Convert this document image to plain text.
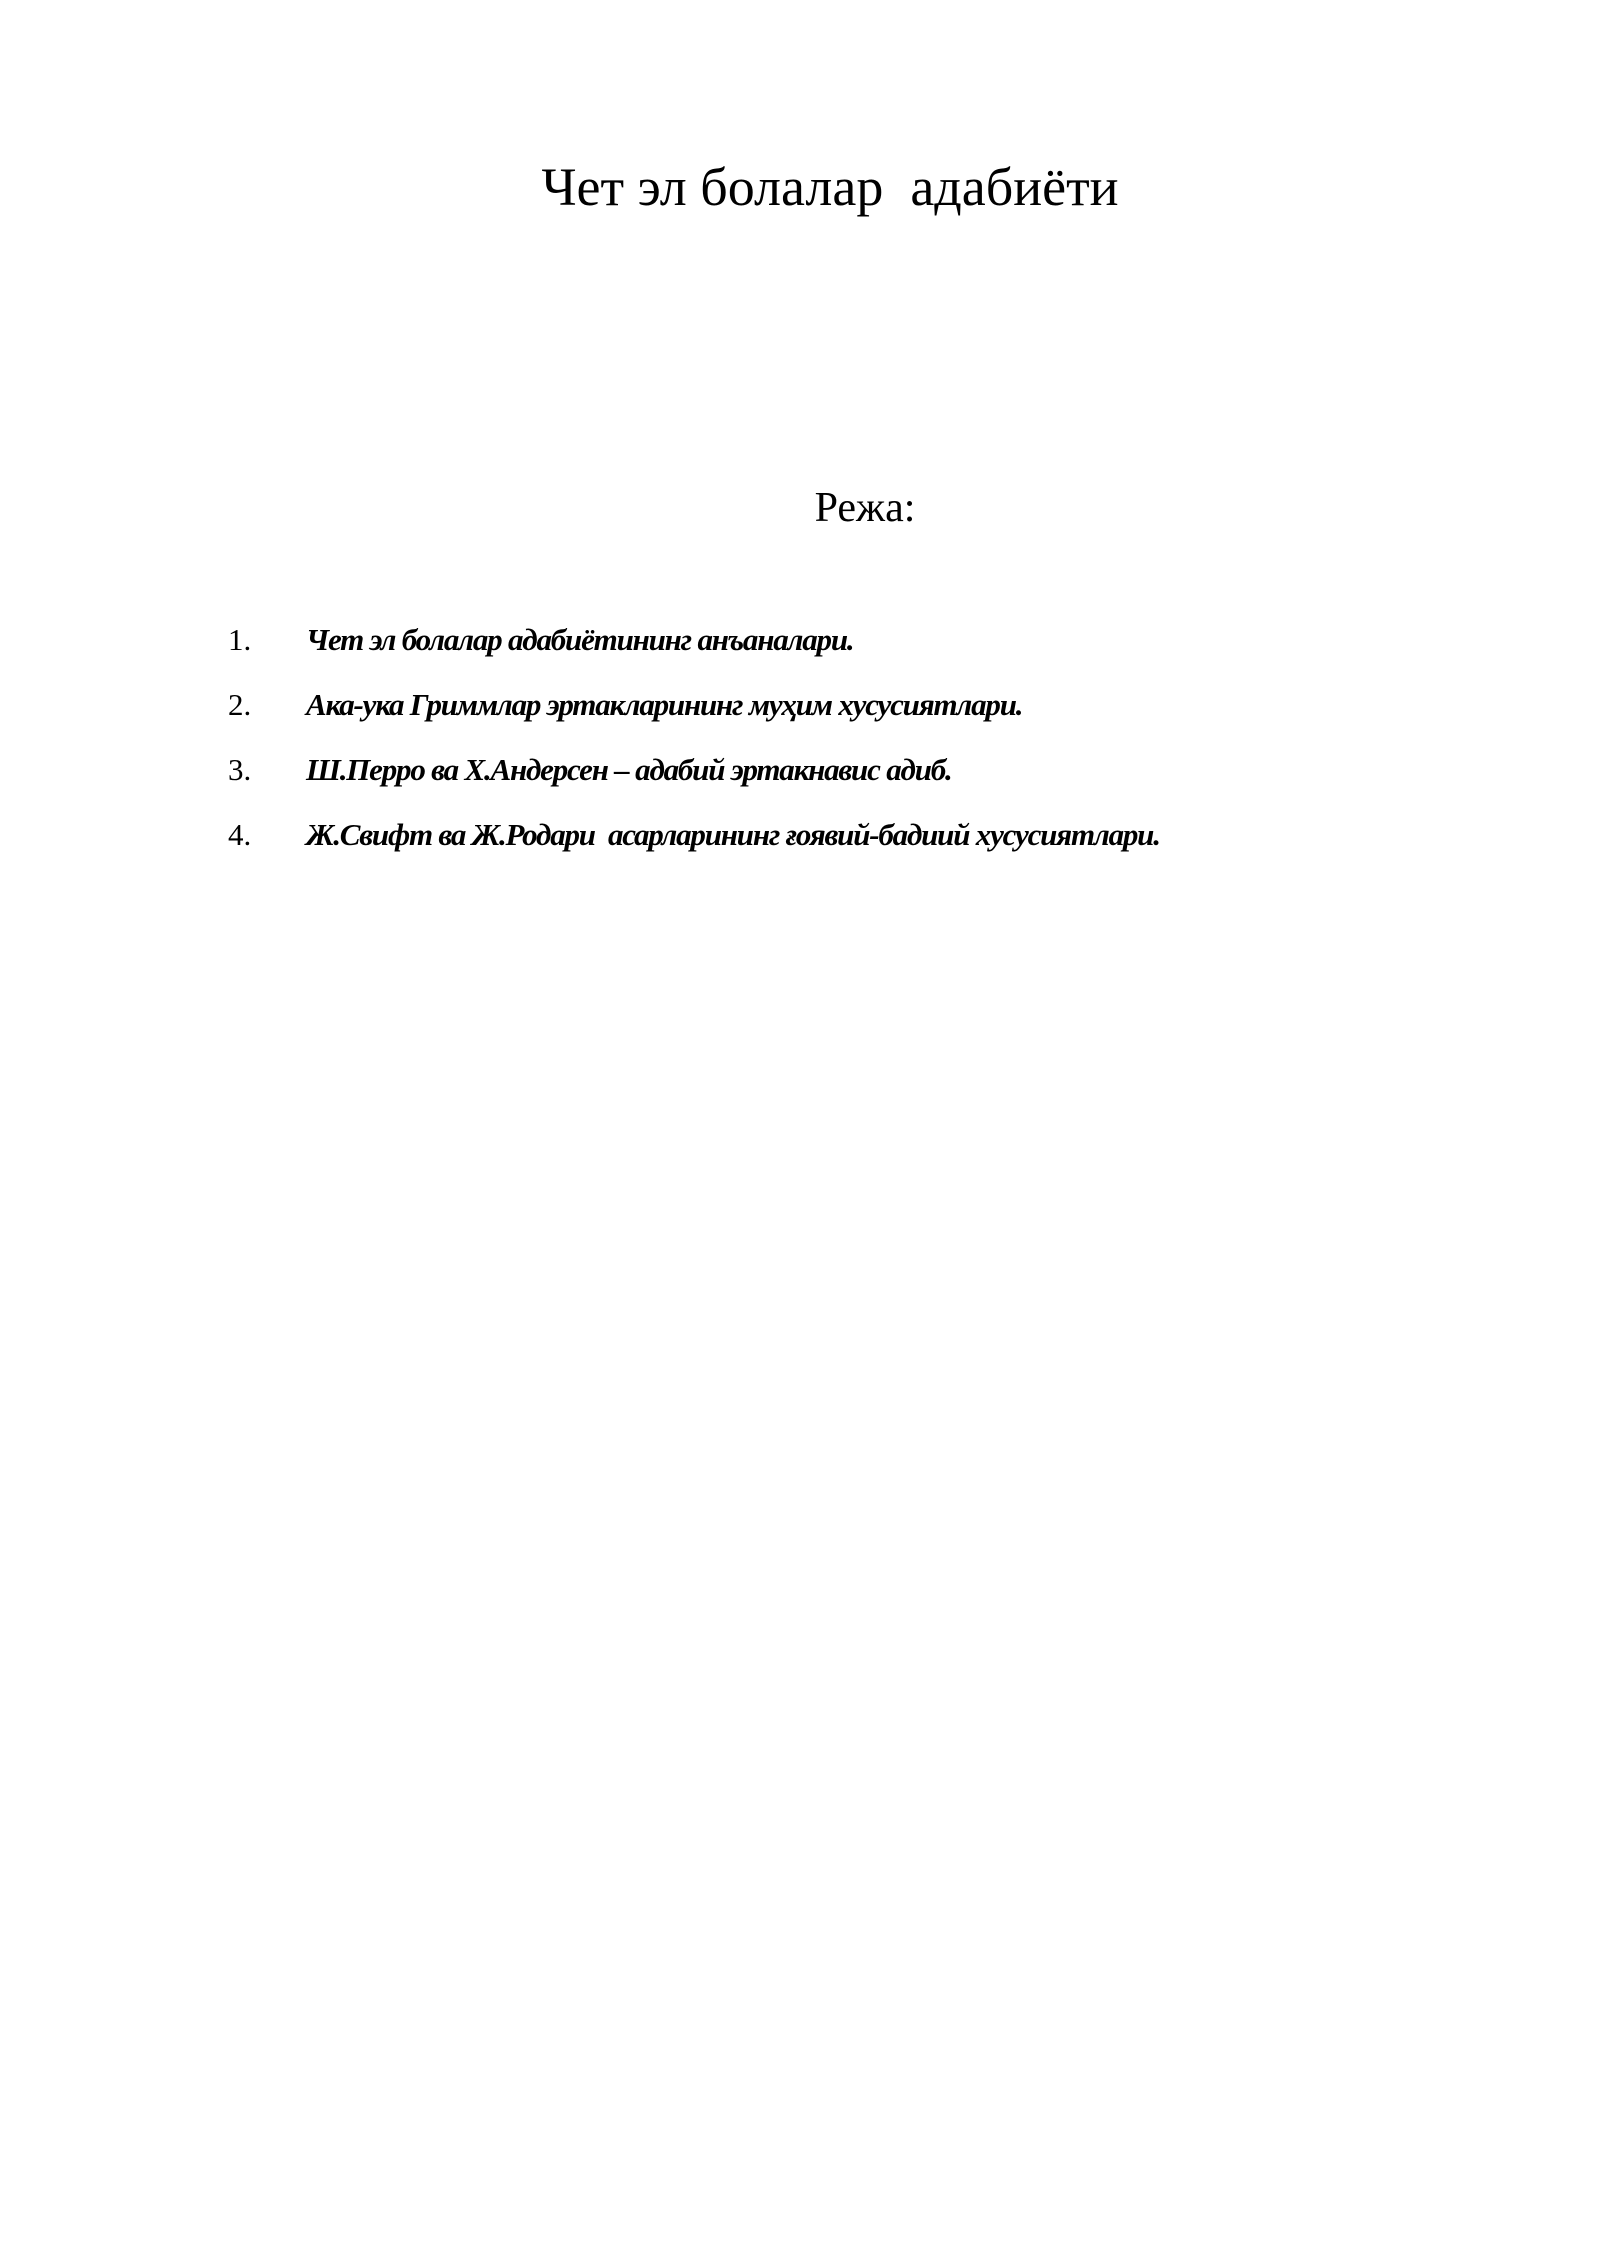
Чет эл болалар  адабиёти
Режа:
1.	Чет эл болалар адабиётининг анъаналари.
2.	Ака-ука Гриммлар эртакларининг муҳим хусусиятлари.
3.	Ш.Перро ва Х.Андерсен – адабий эртакнавис адиб.
4.	Ж.Свифт ва Ж.Родари  асарларининг ғоявий-бадиий хусусиятлари.
